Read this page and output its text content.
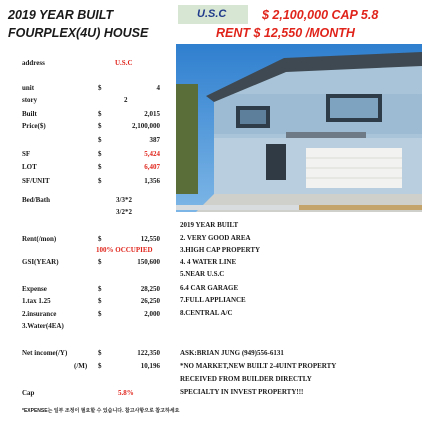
2019 YEAR BUILT
FOURPLEX(4U) HOUSE
U.S.C	$ 2,100,000 CAP 5.8
RENT $ 12,550 /MONTH
address	U.S.C
unit	$	4
story	2
Built	$	2,015
Price($)	$	2,100,000
$	387
SF	$	5,424
LOT	$	6,407
SF/UNIT	$	1,356
Bed/Bath	3/3*2
3/2*2
2019 YEAR BUILT
2. VERY GOOD AREA
3.HIGH CAP PROPERTY
4. 4 WATER LINE
5.NEAR U.S.C
6.4 CAR GARAGE
7.FULL APPLIANCE
8.CENTRAL A/C
Rent(/mon)	$	12,550
100% OCCUPIED
GSI(YEAR)	$	150,600
Expense	$	28,250
1.tax 1.25	$	26,250
2.insurance	$	2,000
3.Water(4EA)
Net income(/Y)	$	122,350
(/M) $	10,196
ASK:BRIAN JUNG (949)556-6131
*NO MARKET,NEW BUILT 2-4UINT PROPERTY
RECEIVED FROM BUILDER DIRECTLY
SPECIALTY IN INVEST PROPERTY!!!
Cap	5.8%
*EXPENSE는 일부 조정이 필요할 수 있습니다. 참고사항으로 참고하세요
